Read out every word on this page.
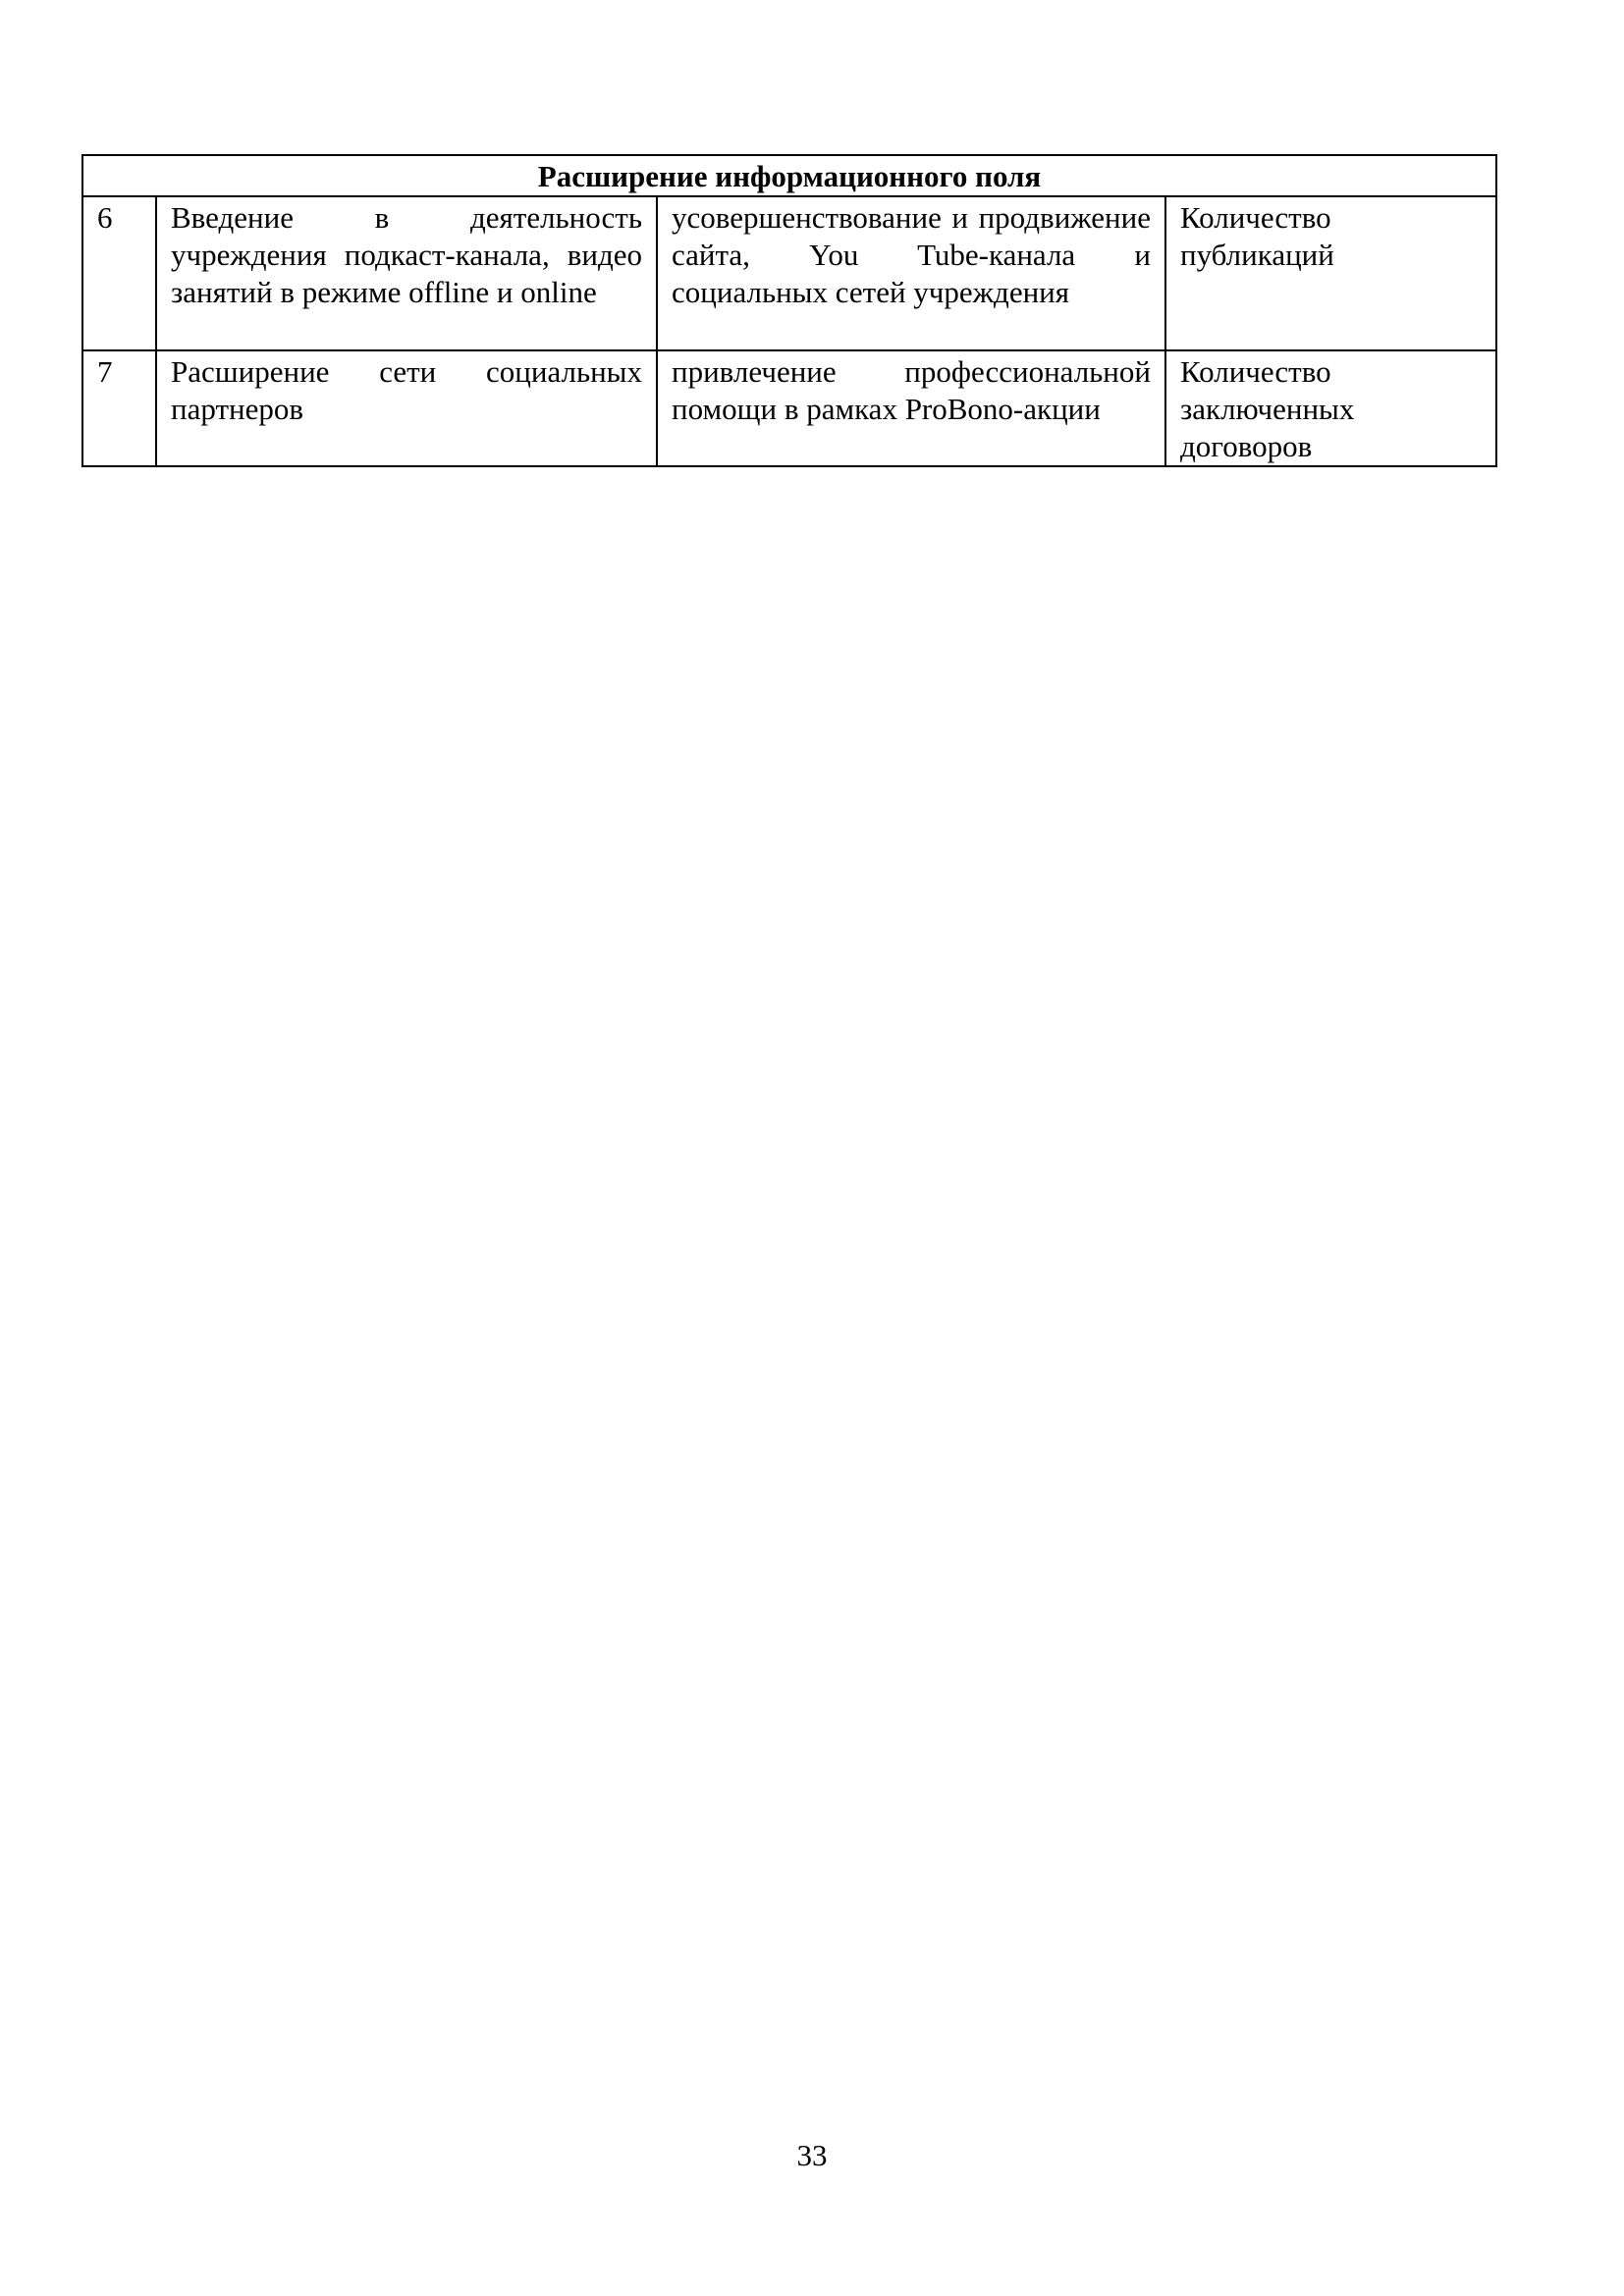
Расширение информационного поля			
6	Введение в деятельность учреждения подкаст-канала, видео занятий в режиме offline и online	усовершенствование и продвижение сайта, You Tube-канала и социальных сетей учреждения	Количество публикаций
7	Расширение сети социальных партнеров	привлечение профессиональной помощи в рамках ProBono-акции	Количество заключенных договоров
33
